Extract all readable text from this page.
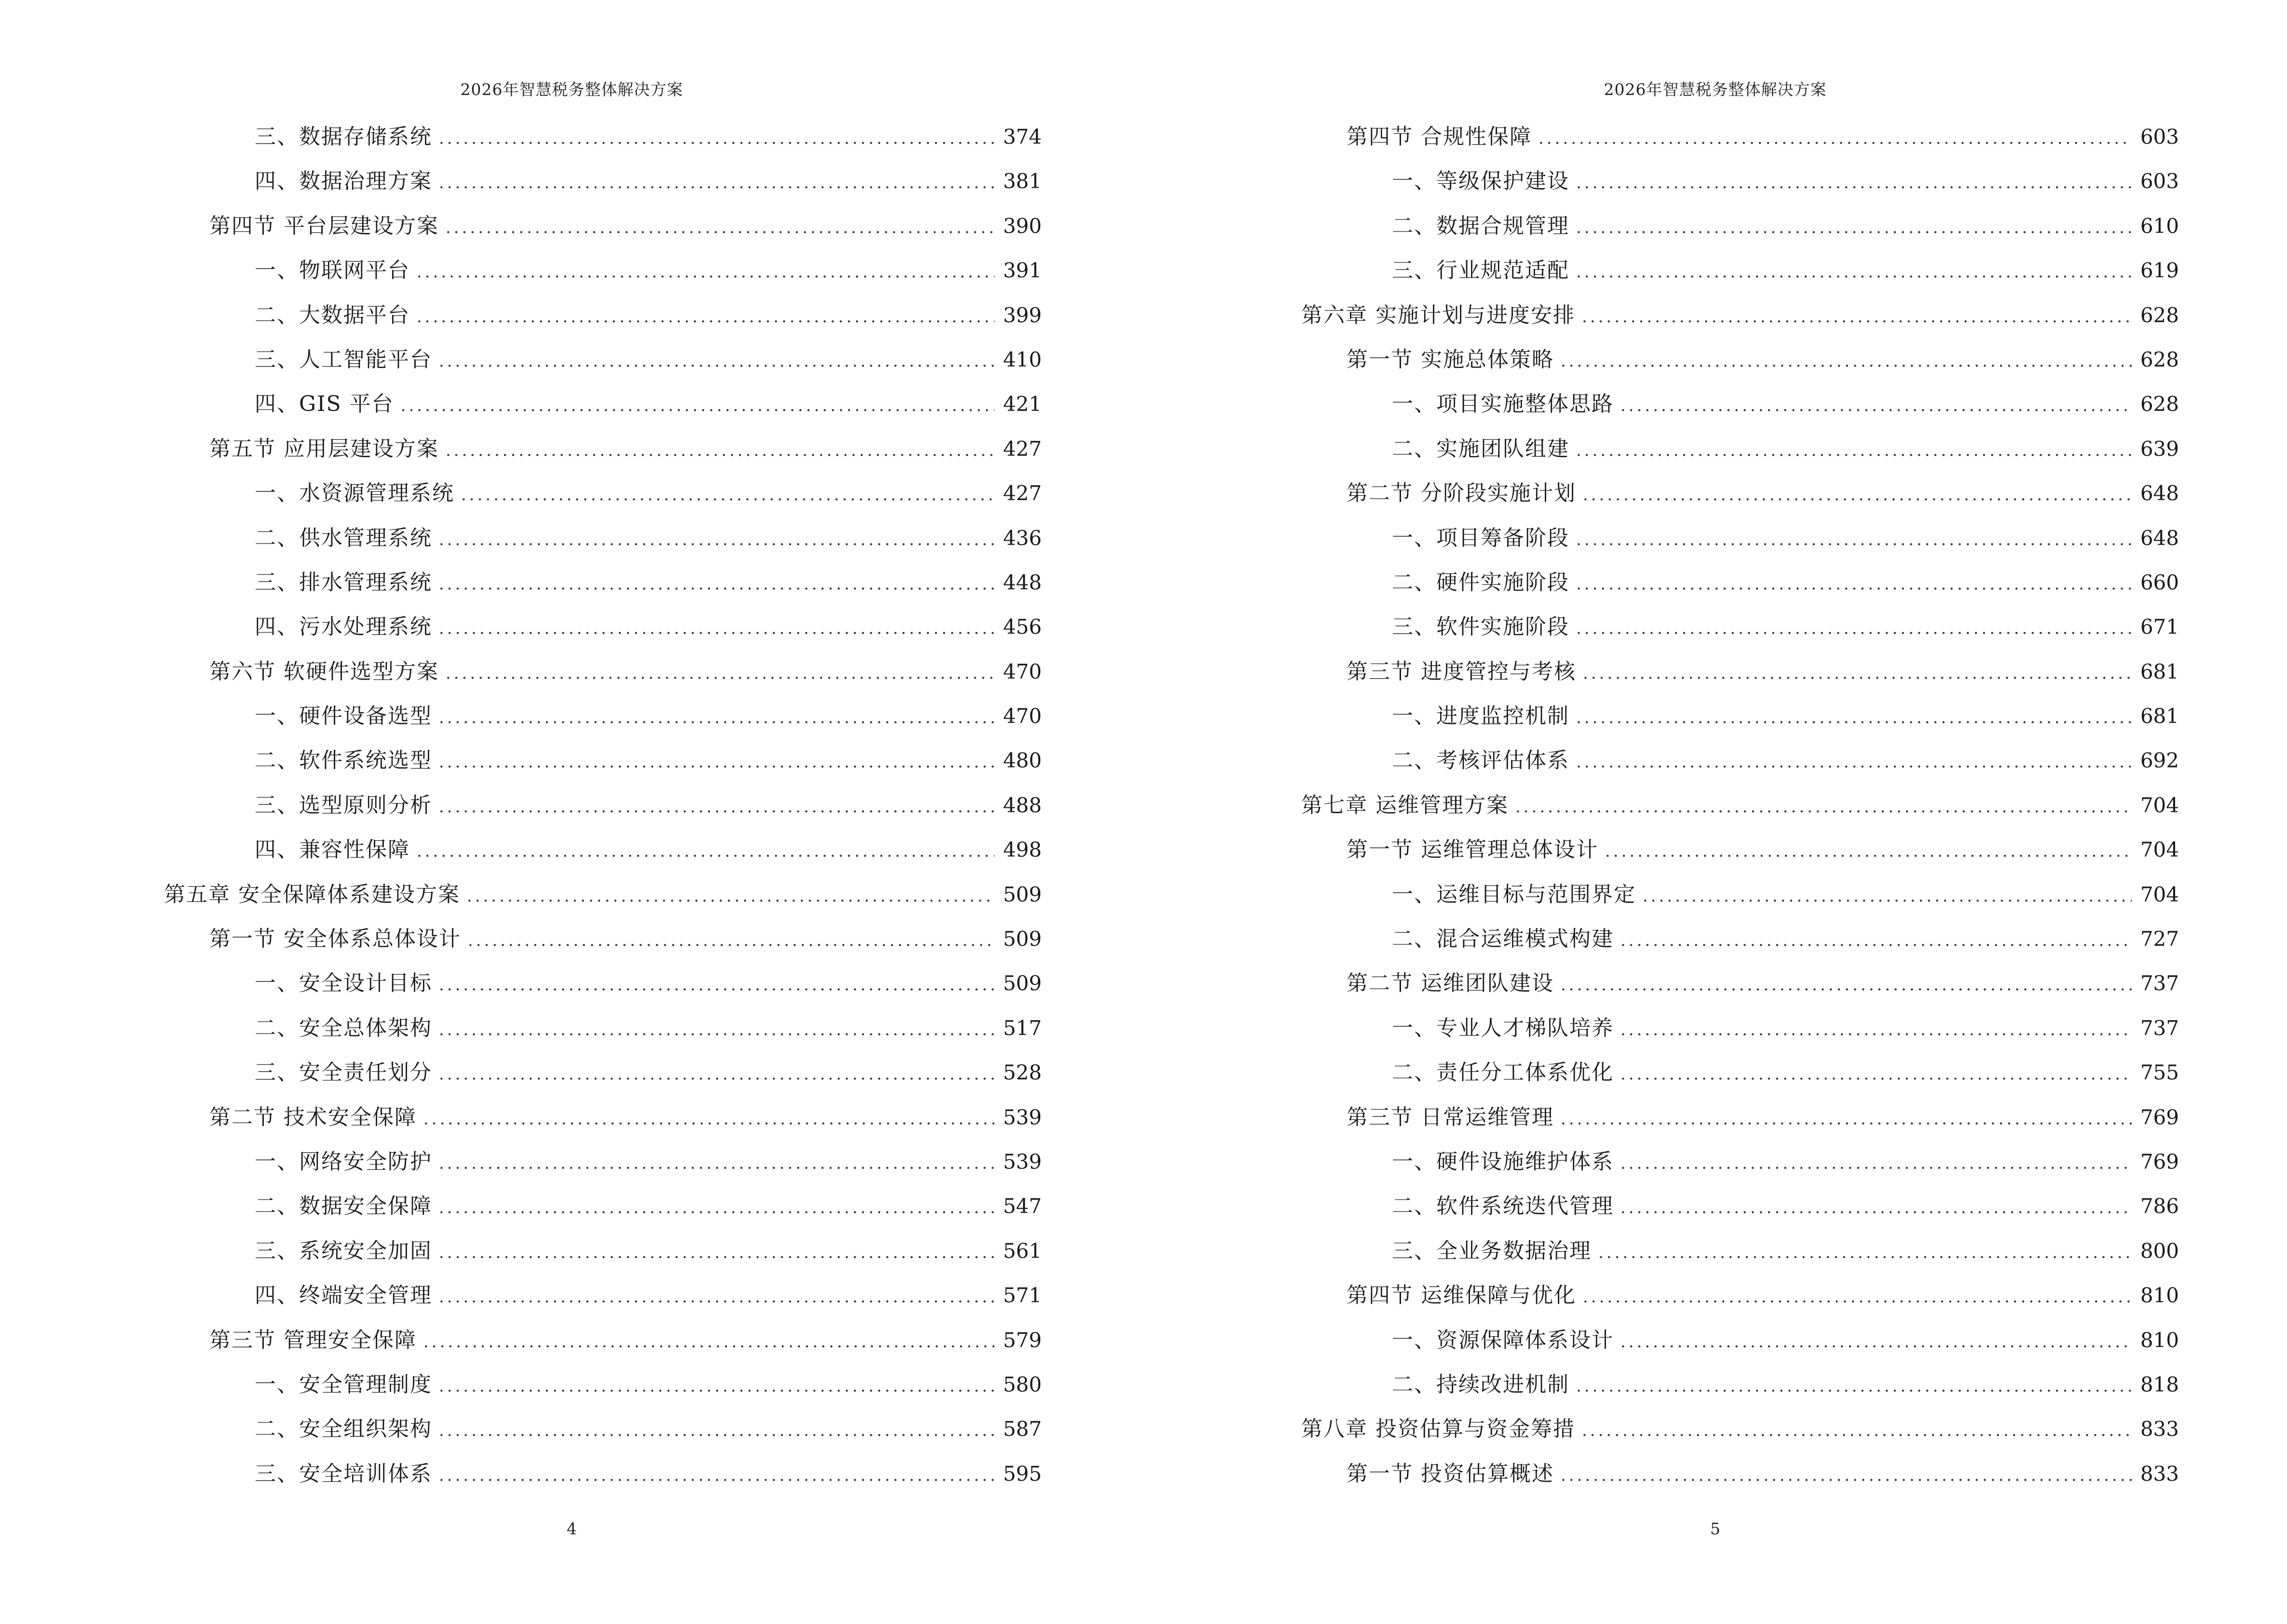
2026年智慧税务整体解决方案
三、数据存储系统 .....	374
四、数据治理方案 .....	381
第四节 平台层建设方案 .....	390
一、物联网平台 .....	391
二、大数据平台 .....	399
三、人工智能平台 .....	410
四、GIS 平台 .....	421
第五节 应用层建设方案 .....	427
一、水资源管理系统 .....	427
二、供水管理系统 .....	436
三、排水管理系统 .....	448
四、污水处理系统 .....	456
第六节 软硬件选型方案 .....	470
一、硬件设备选型 .....	470
二、软件系统选型 .....	480
三、选型原则分析 .....	488
四、兼容性保障 .....	498
第五章 安全保障体系建设方案 .....	509
第一节 安全体系总体设计 .....	509
一、安全设计目标 .....	509
二、安全总体架构 .....	517
三、安全责任划分 .....	528
第二节 技术安全保障 .....	539
一、网络安全防护 .....	539
二、数据安全保障 .....	547
三、系统安全加固 .....	561
四、终端安全管理 .....	571
第三节 管理安全保障 .....	579
一、安全管理制度 .....	580
二、安全组织架构 .....	587
三、安全培训体系 .....	595
4
2026年智慧税务整体解决方案
第四节 合规性保障 .....	603
一、等级保护建设 .....	603
二、数据合规管理 .....	610
三、行业规范适配 .....	619
第六章 实施计划与进度安排 .....	628
第一节 实施总体策略 .....	628
一、项目实施整体思路 .....	628
二、实施团队组建 .....	639
第二节 分阶段实施计划 .....	648
一、项目筹备阶段 .....	648
二、硬件实施阶段 .....	660
三、软件实施阶段 .....	671
第三节 进度管控与考核 .....	681
一、进度监控机制 .....	681
二、考核评估体系 .....	692
第七章 运维管理方案 .....	704
第一节 运维管理总体设计 .....	704
一、运维目标与范围界定 .....	704
二、混合运维模式构建 .....	727
第二节 运维团队建设 .....	737
一、专业人才梯队培养 .....	737
二、责任分工体系优化 .....	755
第三节 日常运维管理 .....	769
一、硬件设施维护体系 .....	769
二、软件系统迭代管理 .....	786
三、全业务数据治理 .....	800
第四节 运维保障与优化 .....	810
一、资源保障体系设计 .....	810
二、持续改进机制 .....	818
第八章 投资估算与资金筹措 .....	833
第一节 投资估算概述 .....	833
5
